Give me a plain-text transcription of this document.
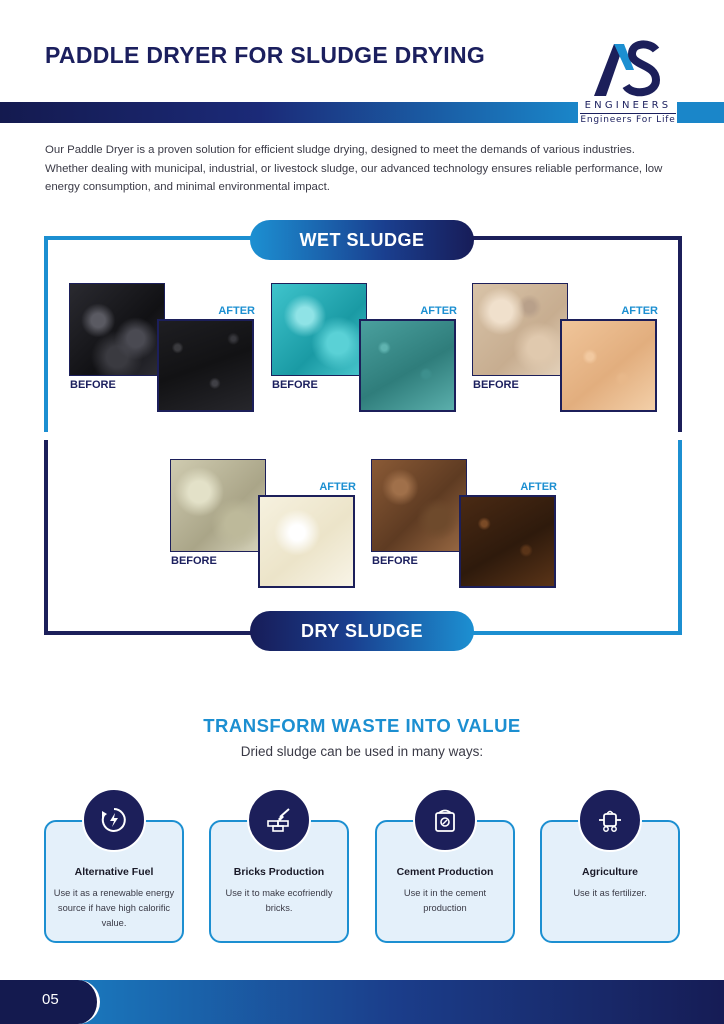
PADDLE DRYER FOR SLUDGE DRYING
ENGINEERS
Engineers For Life

Our Paddle Dryer is a proven solution for efficient sludge drying, designed to meet the demands of various industries. Whether dealing with municipal, industrial, or livestock sludge, our advanced technology ensures reliable performance, low energy consumption, and minimal environmental impact.

WET SLUDGE
DRY SLUDGE
AFTER
BEFORE
AFTER
BEFORE
AFTER
BEFORE
AFTER
BEFORE
AFTER
BEFORE
TRANSFORM WASTE INTO VALUE
Dried sludge can be used in many ways:
Alternative Fuel
Use it as a renewable energy source if have high calorific value.
Bricks Production
Use it to make ecofriendly bricks.
Cement Production
Use it in the cement production
Agriculture
Use it as fertilizer.
05
